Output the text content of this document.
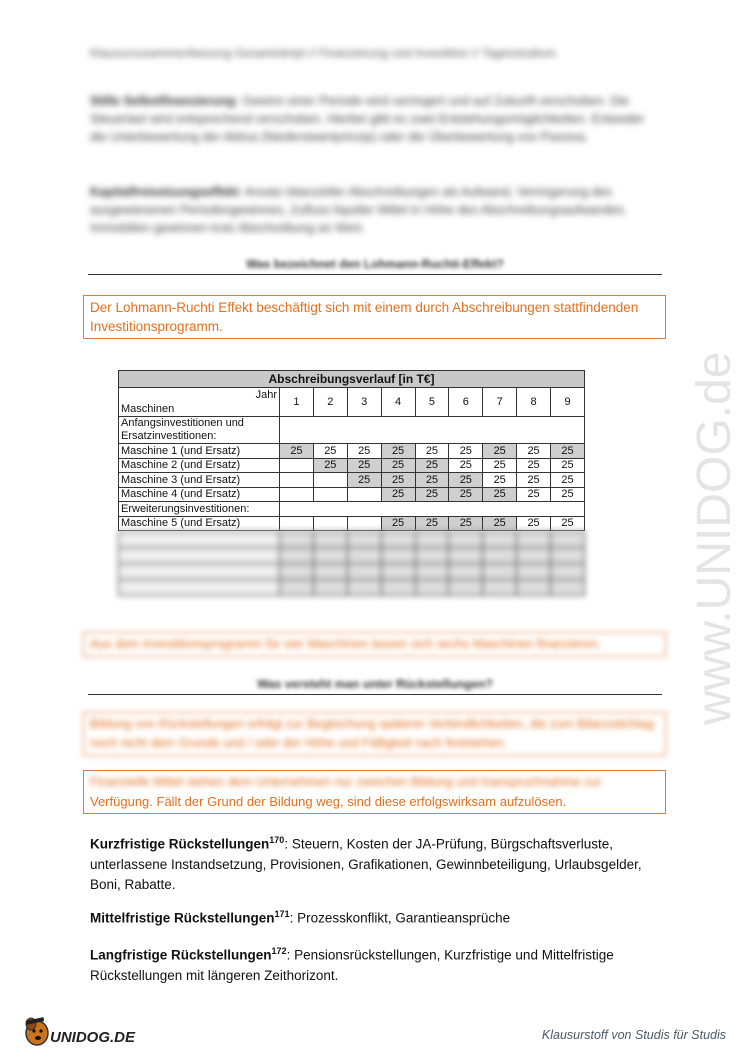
Klausurzusammenfassung Gesamtskript // Finanzierung und Investition // Tagesstudium
Stille Selbstfinanzierung: Gewinn einer Periode wird verringert und auf Zukunft verschoben. Die Steuerlast wird entsprechend verschoben. Hierbei gibt es zwei Entstehungsmöglichkeiten. Entweder die Unterbewertung der Aktiva (Niederstwertprinzip) oder die Überbewertung von Passiva.
Kapitalfreisetzungseffekt: Ansatz bilanzieller Abschreibungen als Aufwand, Verringerung des ausgewiesenen Periodengewinnes, Zufluss liquider Mittel in Höhe des Abschreibungsaufwandes. Immobilien gewinnen trotz Abschreibung an Wert.
Was bezeichnet den Lohmann-Ruchti-Effekt?
Der Lohmann-Ruchti Effekt beschäftigt sich mit einem durch Abschreibungen stattfindenden Investitionsprogramm.
Abschreibungsverlauf [in T€]									

Jahr
Maschinen	1	2	3	4	5	6	7	8	9
Anfangsinvestitionen und
Ersatzinvestitionen:									
Maschine 1 (und Ersatz)	25	25	25	25	25	25	25	25	25
Maschine 2 (und Ersatz)		25	25	25	25	25	25	25	25
Maschine 3 (und Ersatz)			25	25	25	25	25	25	25
Maschine 4 (und Ersatz)				25	25	25	25	25	25
Erweiterungsinvestitionen:									
Maschine 5 (und Ersatz)				25	25	25	25	25	25

Aus dem Investitionsprogramm für vier Maschinen lassen sich sechs Maschinen finanzieren.
Was versteht man unter Rückstellungen?
Bildung von Rückstellungen erfolgt zur Begleichung späterer Verbindlichkeiten, die zum Bilanzstichtag noch nicht dem Grunde und / oder der Höhe und Fälligkeit nach feststehen.
Finanzielle Mittel stehen dem Unternehmen nur zwischen Bildung und Inanspruchnahme zur
Verfügung. Fällt der Grund der Bildung weg, sind diese erfolgswirksam aufzulösen.
Kurzfristige Rückstellungen$^{170}$: Steuern, Kosten der JA-Prüfung, Bürgschaftsverluste, unterlassene Instandsetzung, Provisionen, Grafikationen, Gewinnbeteiligung, Urlaubsgelder, Boni, Rabatte.
Mittelfristige Rückstellungen$^{171}$: Prozesskonflikt, Garantieansprüche
Langfristige Rückstellungen$^{172}$: Pensionsrückstellungen, Kurzfristige und Mittelfristige Rückstellungen mit längeren Zeithorizont.
www.UNIDOG.de
UNIDOG.DE	Klausurstoff von Studis für Studis
